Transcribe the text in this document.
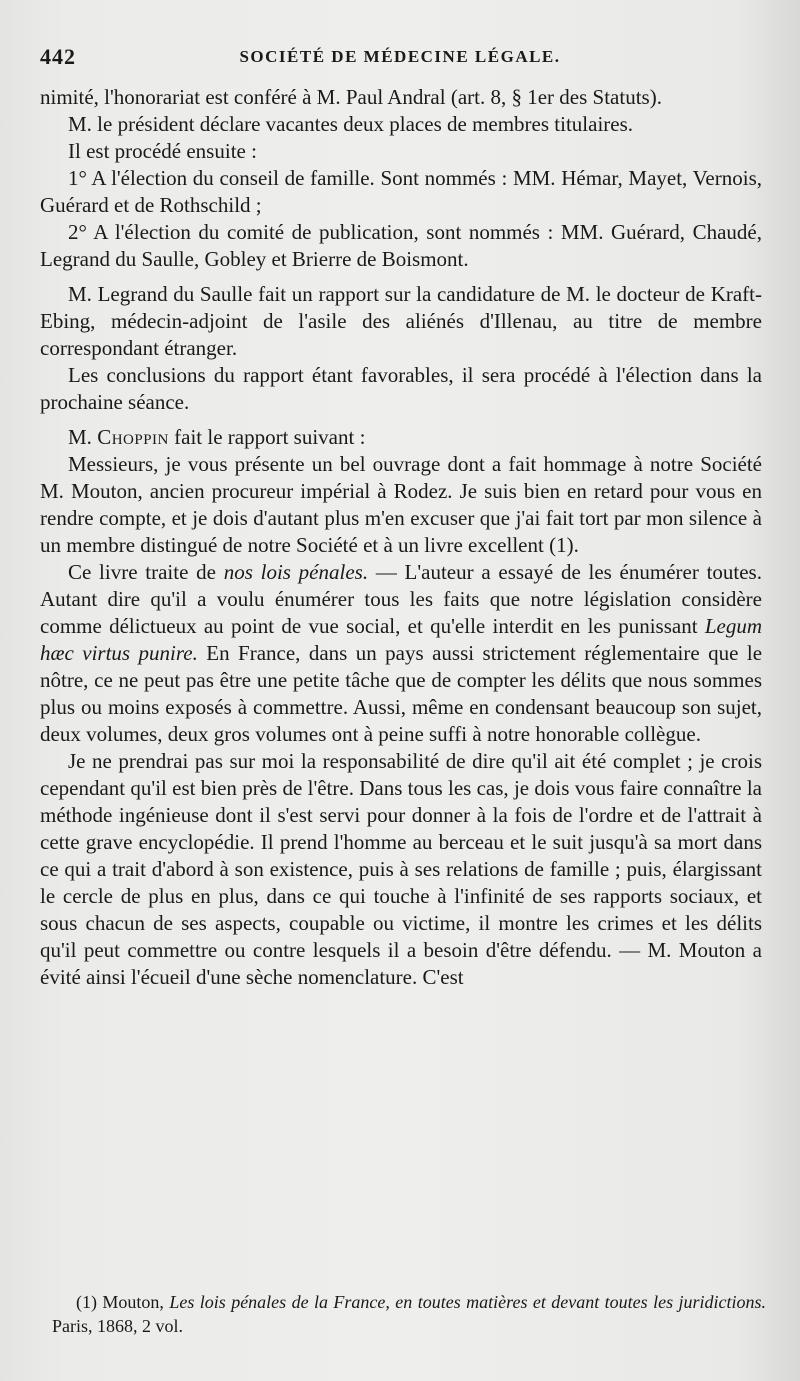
442	SOCIÉTÉ DE MÉDECINE LÉGALE.

nimité, l'honorariat est conféré à M. Paul Andral (art. 8, § 1er des Statuts).

M. le président déclare vacantes deux places de membres titulaires.

Il est procédé ensuite :

1° A l'élection du conseil de famille. Sont nommés : MM. Hémar, Mayet, Vernois, Guérard et de Rothschild ;

2° A l'élection du comité de publication, sont nommés : MM. Guérard, Chaudé, Legrand du Saulle, Gobley et Brierre de Boismont.

M. Legrand du Saulle fait un rapport sur la candidature de M. le docteur de Kraft-Ebing, médecin-adjoint de l'asile des aliénés d'Illenau, au titre de membre correspondant étranger.

Les conclusions du rapport étant favorables, il sera procédé à l'élection dans la prochaine séance.

M. Choppin fait le rapport suivant :

Messieurs, je vous présente un bel ouvrage dont a fait hommage à notre Société M. Mouton, ancien procureur impérial à Rodez. Je suis bien en retard pour vous en rendre compte, et je dois d'autant plus m'en excuser que j'ai fait tort par mon silence à un membre distingué de notre Société et à un livre excellent (1).

Ce livre traite de nos lois pénales. — L'auteur a essayé de les énumérer toutes. Autant dire qu'il a voulu énumérer tous les faits que notre législation considère comme délictueux au point de vue social, et qu'elle interdit en les punissant Legum hæc virtus punire. En France, dans un pays aussi strictement réglementaire que le nôtre, ce ne peut pas être une petite tâche que de compter les délits que nous sommes plus ou moins exposés à commettre. Aussi, même en condensant beaucoup son sujet, deux volumes, deux gros volumes ont à peine suffi à notre honorable collègue.

Je ne prendrai pas sur moi la responsabilité de dire qu'il ait été complet ; je crois cependant qu'il est bien près de l'être. Dans tous les cas, je dois vous faire connaître la méthode ingénieuse dont il s'est servi pour donner à la fois de l'ordre et de l'attrait à cette grave encyclopédie. Il prend l'homme au berceau et le suit jusqu'à sa mort dans ce qui a trait d'abord à son existence, puis à ses relations de famille ; puis, élargissant le cercle de plus en plus, dans ce qui touche à l'infinité de ses rapports sociaux, et sous chacun de ses aspects, coupable ou victime, il montre les crimes et les délits qu'il peut commettre ou contre lesquels il a besoin d'être défendu. — M. Mouton a évité ainsi l'écueil d'une sèche nomenclature. C'est

(1) Mouton, Les lois pénales de la France, en toutes matières et devant toutes les juridictions. Paris, 1868, 2 vol.
